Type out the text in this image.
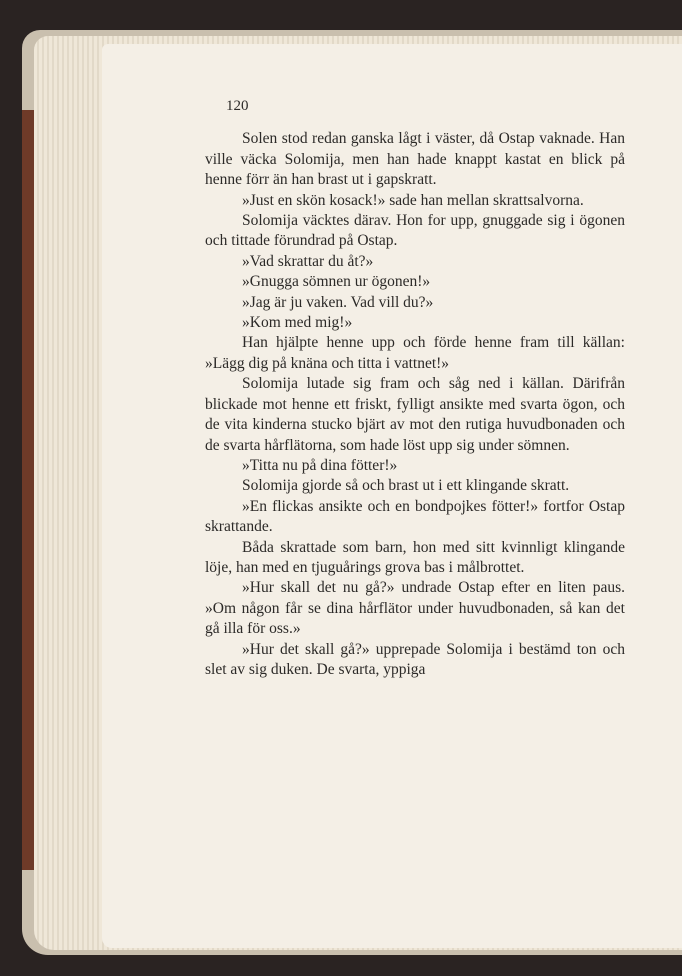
120

Solen stod redan ganska lågt i väster, då Ostap vaknade. Han ville väcka Solomija, men han hade knappt kastat en blick på henne förr än han brast ut i gapskratt.

»Just en skön kosack!» sade han mellan skrattsalvorna.

Solomija väcktes därav. Hon for upp, gnuggade sig i ögonen och tittade förundrad på Ostap.

»Vad skrattar du åt?»

»Gnugga sömnen ur ögonen!»

»Jag är ju vaken. Vad vill du?»

»Kom med mig!»

Han hjälpte henne upp och förde henne fram till källan: »Lägg dig på knäna och titta i vattnet!»

Solomija lutade sig fram och såg ned i källan. Därifrån blickade mot henne ett friskt, fylligt ansikte med svarta ögon, och de vita kinderna stucko bjärt av mot den rutiga huvudbonaden och de svarta hårflätorna, som hade löst upp sig under sömnen.

»Titta nu på dina fötter!»

Solomija gjorde så och brast ut i ett klingande skratt.

»En flickas ansikte och en bondpojkes fötter!» fortfor Ostap skrattande.

Båda skrattade som barn, hon med sitt kvinnligt klingande löje, han med en tjuguårings grova bas i målbrottet.

»Hur skall det nu gå?» undrade Ostap efter en liten paus. »Om någon får se dina hårflätor under huvudbonaden, så kan det gå illa för oss.»

»Hur det skall gå?» upprepade Solomija i bestämd ton och slet av sig duken. De svarta, yppiga
